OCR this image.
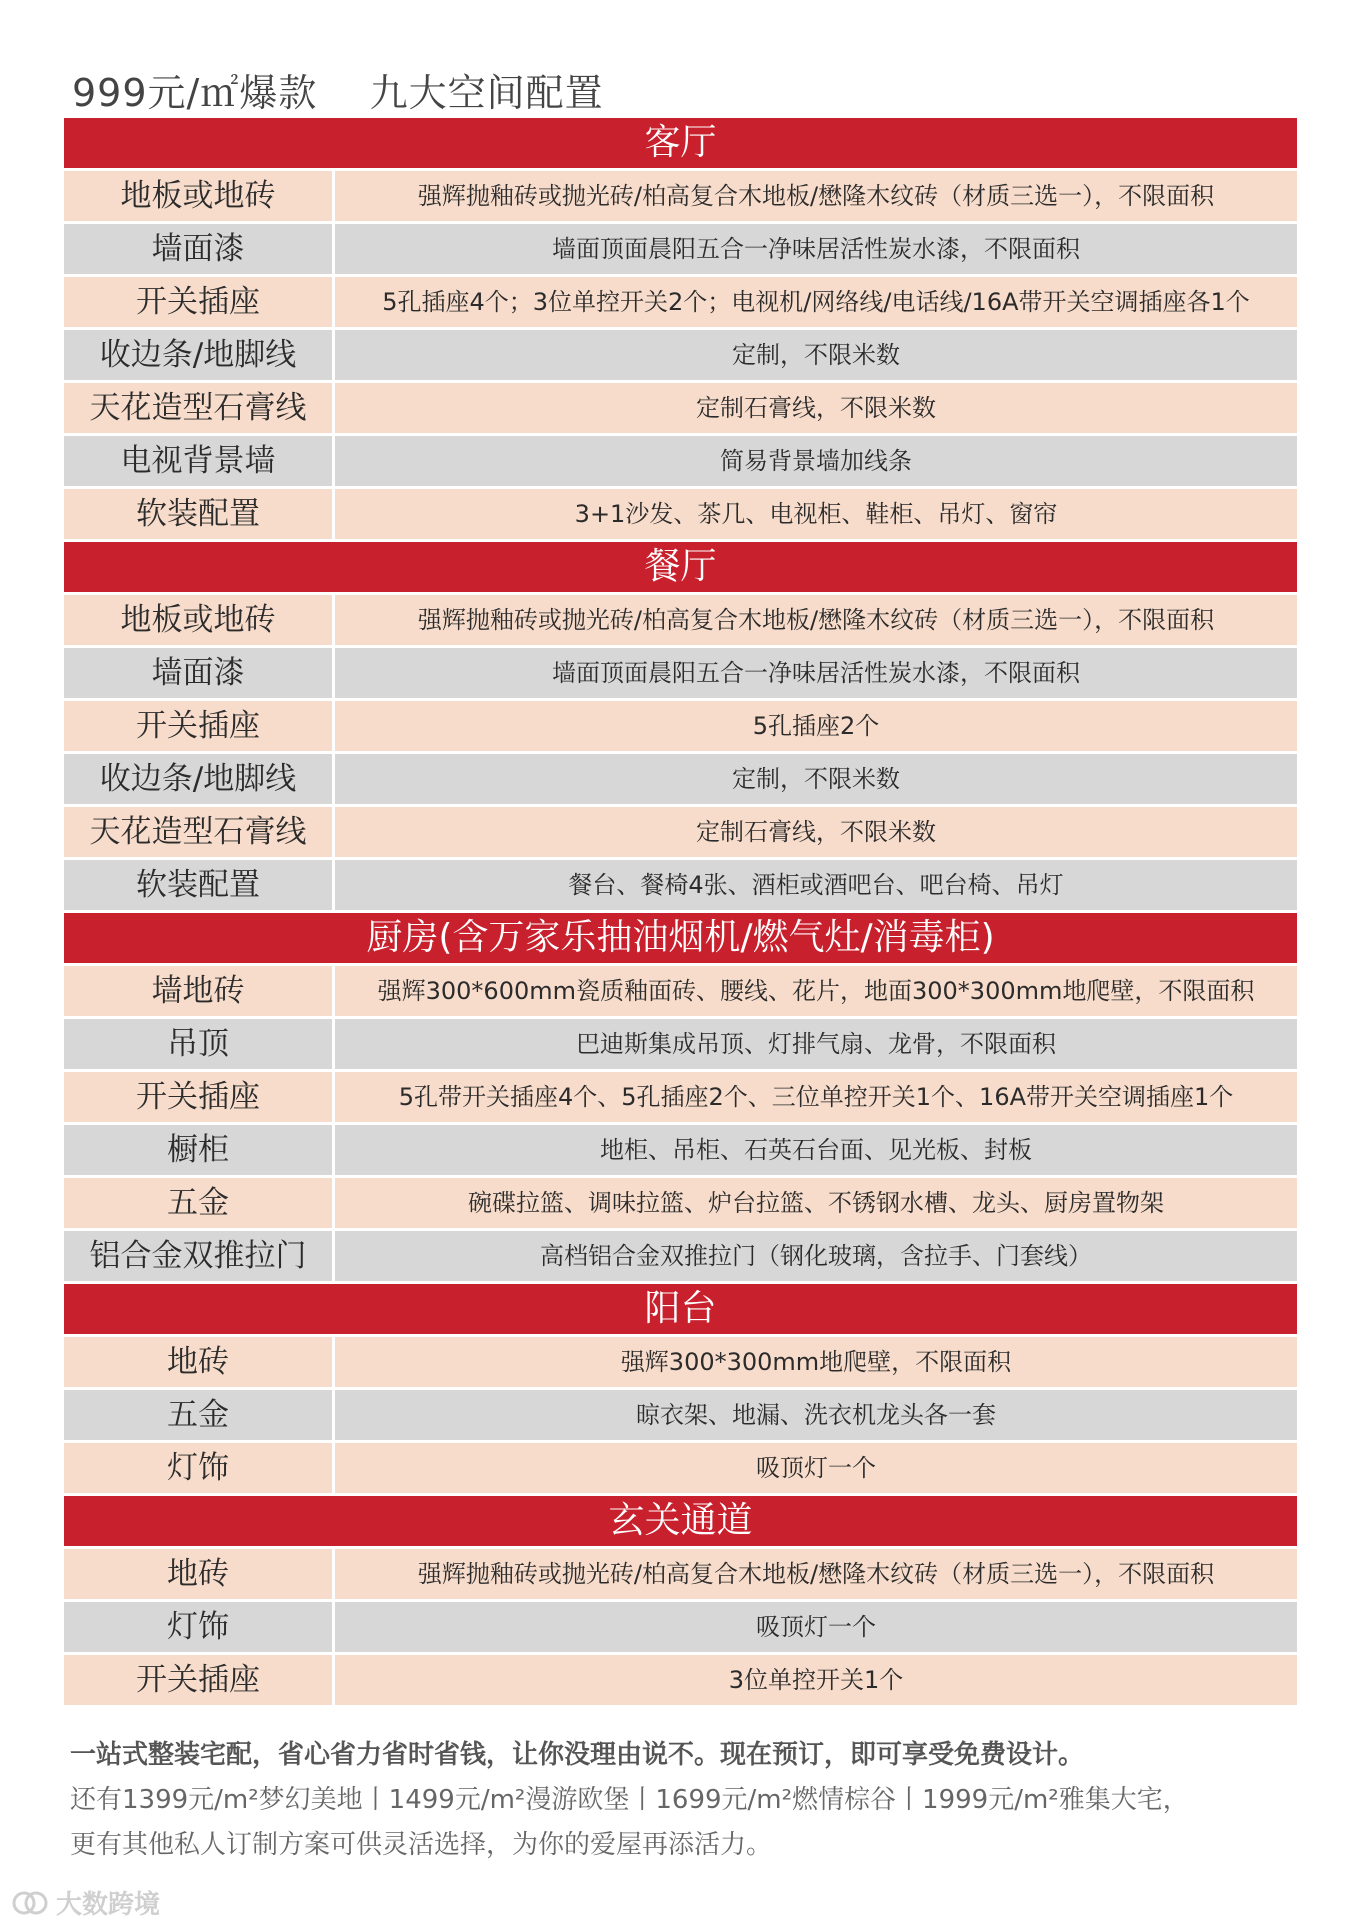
999元/㎡爆款 九大空间配置
客厅
地板或地砖	强辉抛釉砖或抛光砖/柏高复合木地板/懋隆木纹砖（材质三选一），不限面积
墙面漆	墙面顶面晨阳五合一净味居活性炭水漆，不限面积
开关插座	5孔插座4个；3位单控开关2个；电视机/网络线/电话线/16A带开关空调插座各1个
收边条/地脚线	定制，不限米数
天花造型石膏线	定制石膏线，不限米数
电视背景墙	简易背景墙加线条
软装配置	3+1沙发、茶几、电视柜、鞋柜、吊灯、窗帘
餐厅
地板或地砖	强辉抛釉砖或抛光砖/柏高复合木地板/懋隆木纹砖（材质三选一），不限面积
墙面漆	墙面顶面晨阳五合一净味居活性炭水漆，不限面积
开关插座	5孔插座2个
收边条/地脚线	定制，不限米数
天花造型石膏线	定制石膏线，不限米数
软装配置	餐台、餐椅4张、酒柜或酒吧台、吧台椅、吊灯
厨房(含万家乐抽油烟机/燃气灶/消毒柜)
墙地砖	强辉300*600mm瓷质釉面砖、腰线、花片，地面300*300mm地爬壁，不限面积
吊顶	巴迪斯集成吊顶、灯排气扇、龙骨，不限面积
开关插座	5孔带开关插座4个、5孔插座2个、三位单控开关1个、16A带开关空调插座1个
橱柜	地柜、吊柜、石英石台面、见光板、封板
五金	碗碟拉篮、调味拉篮、炉台拉篮、不锈钢水槽、龙头、厨房置物架
铝合金双推拉门	高档铝合金双推拉门（钢化玻璃，含拉手、门套线）
阳台
地砖	强辉300*300mm地爬壁，不限面积
五金	晾衣架、地漏、洗衣机龙头各一套
灯饰	吸顶灯一个
玄关通道
地砖	强辉抛釉砖或抛光砖/柏高复合木地板/懋隆木纹砖（材质三选一），不限面积
灯饰	吸顶灯一个
开关插座	3位单控开关1个
一站式整装宅配，省心省力省时省钱，让你没理由说不。现在预订，即可享受免费设计。
还有1399元/m²梦幻美地丨1499元/m²漫游欧堡丨1699元/m²燃情棕谷丨1999元/m²雅集大宅，
更有其他私人订制方案可供灵活选择，为你的爱屋再添活力。
大数跨境
